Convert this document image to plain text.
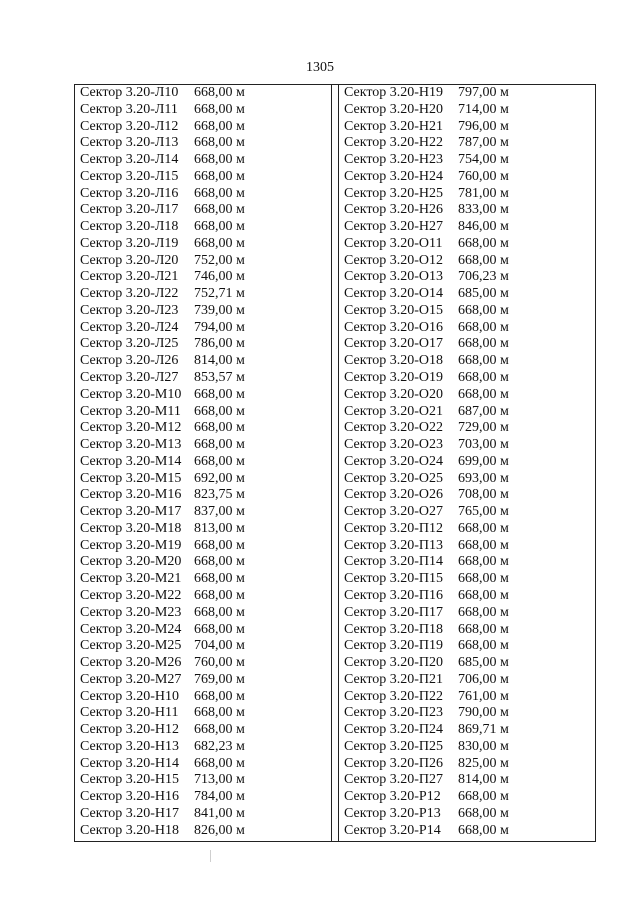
1305
Сектор 3.20-Л10 668,00 м
Сектор 3.20-Л11 668,00 м
Сектор 3.20-Л12 668,00 м
Сектор 3.20-Л13 668,00 м
Сектор 3.20-Л14 668,00 м
Сектор 3.20-Л15 668,00 м
Сектор 3.20-Л16 668,00 м
Сектор 3.20-Л17 668,00 м
Сектор 3.20-Л18 668,00 м
Сектор 3.20-Л19 668,00 м
Сектор 3.20-Л20 752,00 м
Сектор 3.20-Л21 746,00 м
Сектор 3.20-Л22 752,71 м
Сектор 3.20-Л23 739,00 м
Сектор 3.20-Л24 794,00 м
Сектор 3.20-Л25 786,00 м
Сектор 3.20-Л26 814,00 м
Сектор 3.20-Л27 853,57 м
Сектор 3.20-М10 668,00 м
Сектор 3.20-М11 668,00 м
Сектор 3.20-М12 668,00 м
Сектор 3.20-М13 668,00 м
Сектор 3.20-М14 668,00 м
Сектор 3.20-М15 692,00 м
Сектор 3.20-М16 823,75 м
Сектор 3.20-М17 837,00 м
Сектор 3.20-М18 813,00 м
Сектор 3.20-М19 668,00 м
Сектор 3.20-М20 668,00 м
Сектор 3.20-М21 668,00 м
Сектор 3.20-М22 668,00 м
Сектор 3.20-М23 668,00 м
Сектор 3.20-М24 668,00 м
Сектор 3.20-М25 704,00 м
Сектор 3.20-М26 760,00 м
Сектор 3.20-М27 769,00 м
Сектор 3.20-Н10 668,00 м
Сектор 3.20-Н11 668,00 м
Сектор 3.20-Н12 668,00 м
Сектор 3.20-Н13 682,23 м
Сектор 3.20-Н14 668,00 м
Сектор 3.20-Н15 713,00 м
Сектор 3.20-Н16 784,00 м
Сектор 3.20-Н17 841,00 м
Сектор 3.20-Н18 826,00 м
Сектор 3.20-Н19 797,00 м
Сектор 3.20-Н20 714,00 м
Сектор 3.20-Н21 796,00 м
Сектор 3.20-Н22 787,00 м
Сектор 3.20-Н23 754,00 м
Сектор 3.20-Н24 760,00 м
Сектор 3.20-Н25 781,00 м
Сектор 3.20-Н26 833,00 м
Сектор 3.20-Н27 846,00 м
Сектор 3.20-О11 668,00 м
Сектор 3.20-О12 668,00 м
Сектор 3.20-О13 706,23 м
Сектор 3.20-О14 685,00 м
Сектор 3.20-О15 668,00 м
Сектор 3.20-О16 668,00 м
Сектор 3.20-О17 668,00 м
Сектор 3.20-О18 668,00 м
Сектор 3.20-О19 668,00 м
Сектор 3.20-О20 668,00 м
Сектор 3.20-О21 687,00 м
Сектор 3.20-О22 729,00 м
Сектор 3.20-О23 703,00 м
Сектор 3.20-О24 699,00 м
Сектор 3.20-О25 693,00 м
Сектор 3.20-О26 708,00 м
Сектор 3.20-О27 765,00 м
Сектор 3.20-П12 668,00 м
Сектор 3.20-П13 668,00 м
Сектор 3.20-П14 668,00 м
Сектор 3.20-П15 668,00 м
Сектор 3.20-П16 668,00 м
Сектор 3.20-П17 668,00 м
Сектор 3.20-П18 668,00 м
Сектор 3.20-П19 668,00 м
Сектор 3.20-П20 685,00 м
Сектор 3.20-П21 706,00 м
Сектор 3.20-П22 761,00 м
Сектор 3.20-П23 790,00 м
Сектор 3.20-П24 869,71 м
Сектор 3.20-П25 830,00 м
Сектор 3.20-П26 825,00 м
Сектор 3.20-П27 814,00 м
Сектор 3.20-Р12 668,00 м
Сектор 3.20-Р13 668,00 м
Сектор 3.20-Р14 668,00 м
